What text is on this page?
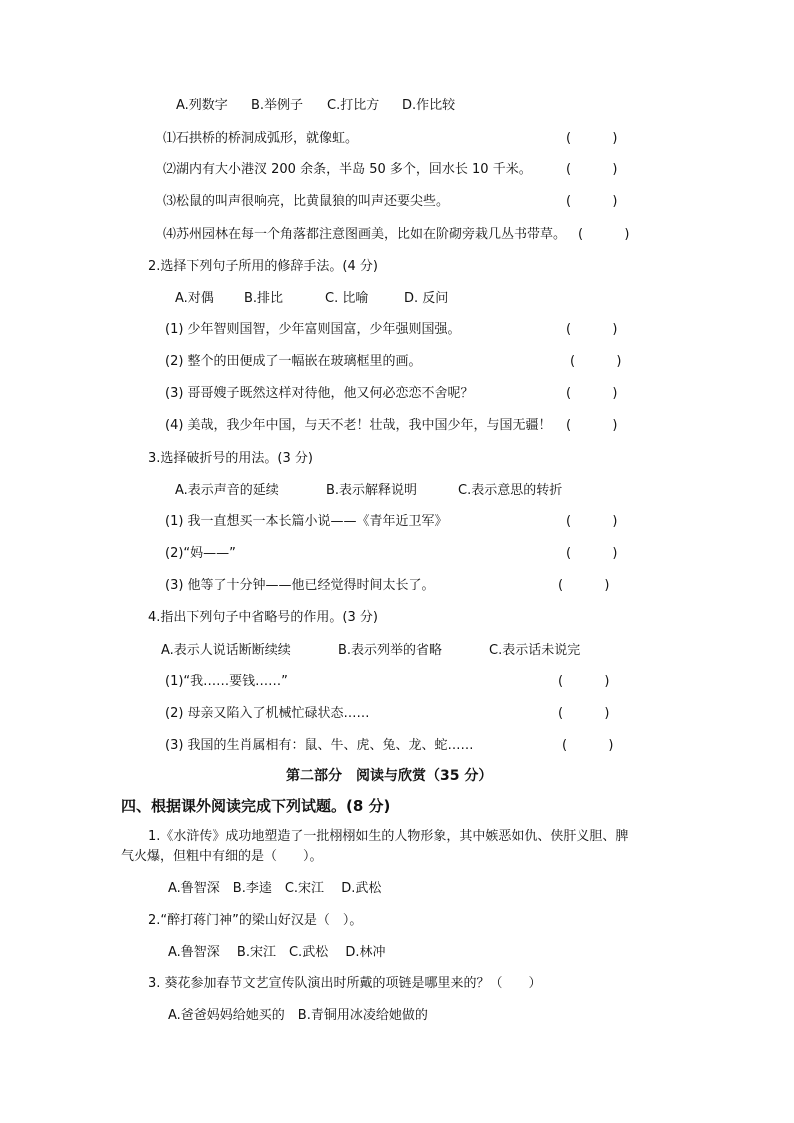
A.列数字 B.举例子 C.打比方 D.作比较
⑴石拱桥的桥洞成弧形，就像虹。	(          )
⑵湖内有大小港汊 200 余条，半岛 50 多个，回水长 10 千米。	(          )
⑶松鼠的叫声很响亮，比黄鼠狼的叫声还要尖些。	(          )
⑷苏州园林在每一个角落都注意图画美，比如在阶砌旁栽几丛书带草。 (          )
2.选择下列句子所用的修辞手法。(4 分)
A.对偶 B.排比	C. 比喻	D. 反问
(1) 少年智则国智，少年富则国富，少年强则国强。	(          )
(2) 整个的田便成了一幅嵌在玻璃框里的画。	(          )
(3) 哥哥嫂子既然这样对待他，他又何必恋恋不舍呢？	(          )
(4) 美哉，我少年中国，与天不老！壮哉，我中国少年，与国无疆！ (          )
3.选择破折号的用法。(3 分)
A.表示声音的延续	B.表示解释说明	C.表示意思的转折
(1) 我一直想买一本长篇小说——《青年近卫军》	(          )
(2)“妈——”	(          )
(3) 他等了十分钟——他已经觉得时间太长了。	(          )
4.指出下列句子中省略号的作用。(3 分)
A.表示人说话断断续续	B.表示列举的省略	C.表示话未说完
(1)“我……要钱……”	(          )
(2) 母亲又陷入了机械忙碌状态……	(          )
(3) 我国的生肖属相有：鼠、牛、虎、兔、龙、蛇……	(          )
第二部分　阅读与欣赏（35 分）
四、根据课外阅读完成下列试题。(8 分)
1.《水浒传》成功地塑造了一批栩栩如生的人物形象，其中嫉恶如仇、侠肝义胆、脾
气火爆，但粗中有细的是（　　）。
A.鲁智深　B.李逵　C.宋江　 D.武松
2.“醉打蒋门神”的梁山好汉是（　）。
A.鲁智深　 B.宋江　C.武松　 D.林冲
3. 葵花参加春节文艺宣传队演出时所戴的项链是哪里来的？（　　）
A.爸爸妈妈给她买的　B.青铜用冰凌给她做的
